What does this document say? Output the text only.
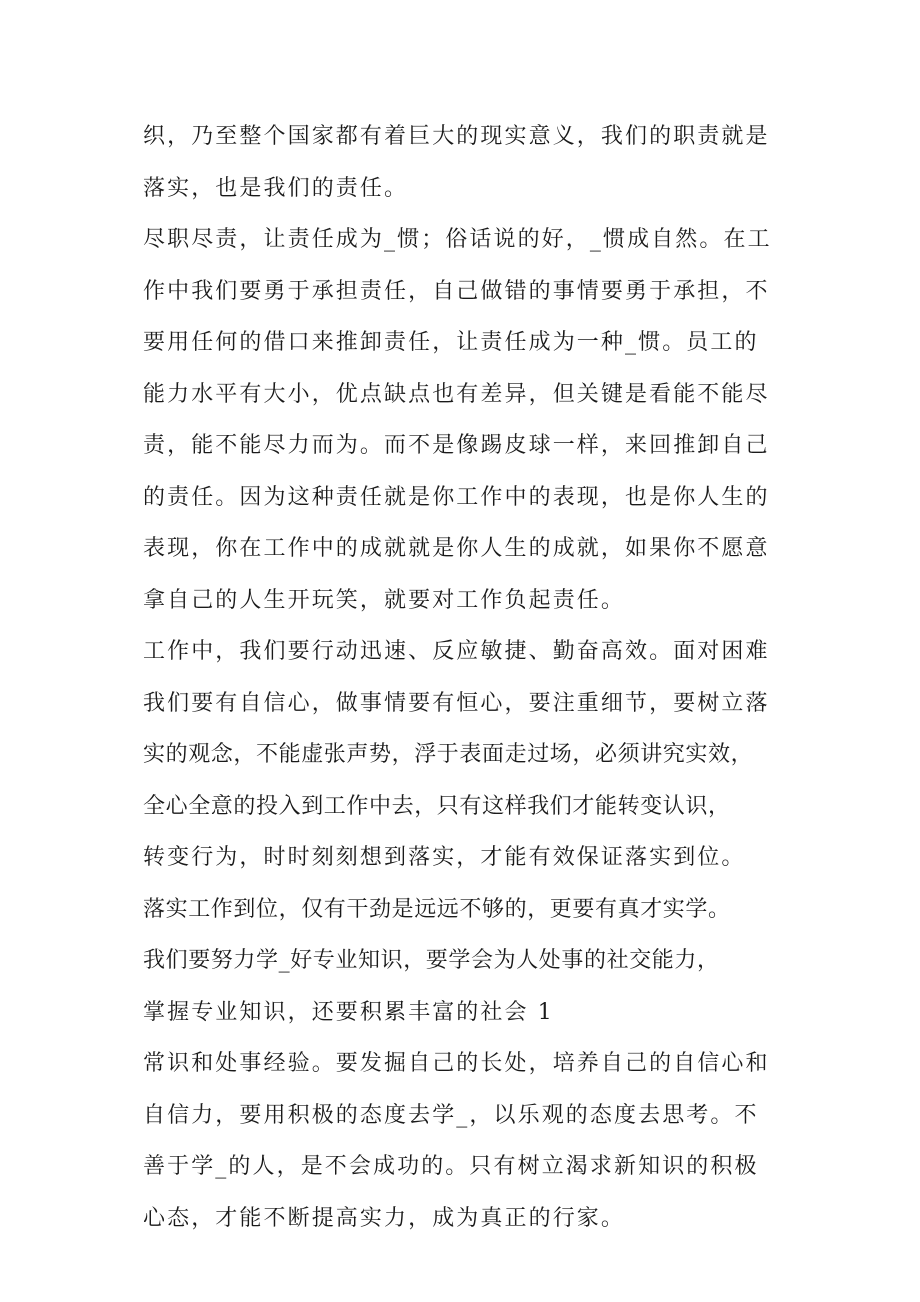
织，乃至整个国家都有着巨大的现实意义，我们的职责就是
落实，也是我们的责任。
尽职尽责，让责任成为_惯；俗话说的好，_惯成自然。在工
作中我们要勇于承担责任，自己做错的事情要勇于承担，不
要用任何的借口来推卸责任，让责任成为一种_惯。员工的
能力水平有大小，优点缺点也有差异，但关键是看能不能尽
责，能不能尽力而为。而不是像踢皮球一样，来回推卸自己
的责任。因为这种责任就是你工作中的表现，也是你人生的
表现，你在工作中的成就就是你人生的成就，如果你不愿意
拿自己的人生开玩笑，就要对工作负起责任。
工作中，我们要行动迅速、反应敏捷、勤奋高效。面对困难
我们要有自信心，做事情要有恒心，要注重细节，要树立落
实的观念，不能虚张声势，浮于表面走过场，必须讲究实效，
全心全意的投入到工作中去，只有这样我们才能转变认识，
转变行为，时时刻刻想到落实，才能有效保证落实到位。
落实工作到位，仅有干劲是远远不够的，更要有真才实学。
我们要努力学_好专业知识，要学会为人处事的社交能力，
掌握专业知识，还要积累丰富的社会 1
常识和处事经验。要发掘自己的长处，培养自己的自信心和
自信力，要用积极的态度去学_，以乐观的态度去思考。不
善于学_的人，是不会成功的。只有树立渴求新知识的积极
心态，才能不断提高实力，成为真正的行家。
